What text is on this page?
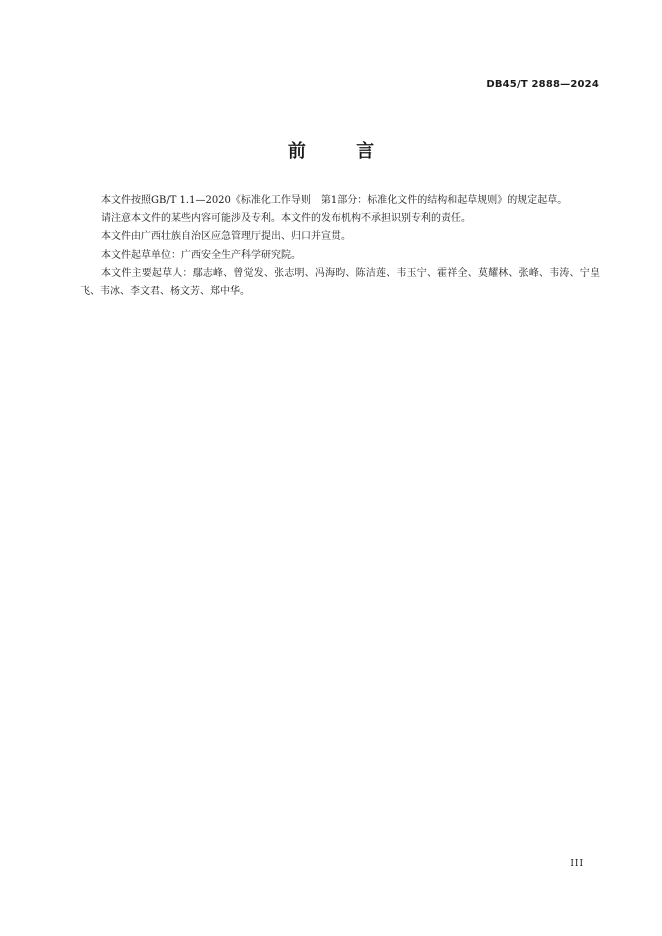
DB45/T 2888—2024
前 言

本文件按照GB/T 1.1—2020《标准化工作导则　第1部分：标准化文件的结构和起草规则》的规定起草。

请注意本文件的某些内容可能涉及专利。本文件的发布机构不承担识别专利的责任。

本文件由广西壮族自治区应急管理厅提出、归口并宣贯。

本文件起草单位：广西安全生产科学研究院。

本文件主要起草人：鄢志峰、曾觉发、张志明、冯海昀、陈洁莲、韦玉宁、霍祥全、莫耀林、张峰、韦涛、宁皇飞、韦冰、李文君、杨文芳、郑中华。

III
